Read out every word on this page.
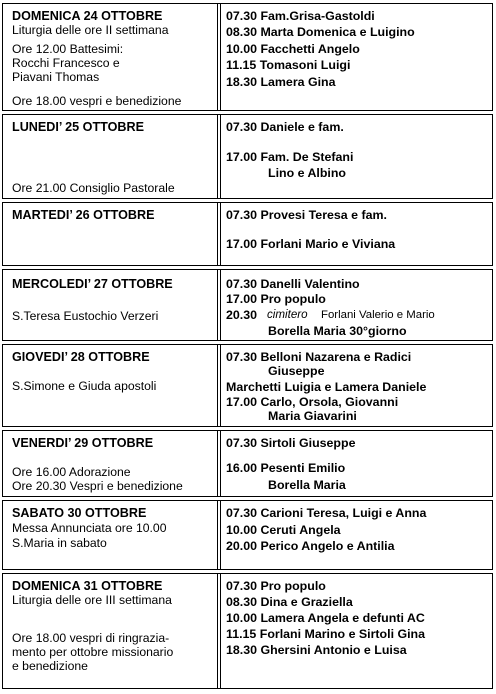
DOMENICA 24 OTTOBRE
Liturgia delle ore II settimana
Ore 12.00 Battesimi:
Rocchi Francesco e
Piavani Thomas
Ore 18.00 vespri e benedizione
07.30 Fam.Grisa-Gastoldi
08.30 Marta Domenica e Luigino
10.00 Facchetti Angelo
11.15 Tomasoni Luigi
18.30 Lamera Gina
LUNEDI’ 25 OTTOBRE
Ore 21.00 Consiglio Pastorale
07.30 Daniele e fam.
17.00 Fam. De Stefani
Lino e Albino
MARTEDI’ 26 OTTOBRE	07.30 Provesi Teresa e fam.
17.00 Forlani Mario e Viviana
MERCOLEDI’ 27 OTTOBRE
S.Teresa Eustochio Verzeri
07.30 Danelli Valentino
17.00 Pro populo
20.30 cimitero Forlani Valerio e Mario
Borella Maria 30°giorno
GIOVEDI’ 28 OTTOBRE
S.Simone e Giuda apostoli
07.30 Belloni Nazarena e Radici
Giuseppe
Marchetti Luigia e Lamera Daniele
17.00 Carlo, Orsola, Giovanni
Maria Giavarini
VENERDI’ 29 OTTOBRE
Ore 16.00 Adorazione
Ore 20.30 Vespri e benedizione
07.30 Sirtoli Giuseppe
16.00 Pesenti Emilio
Borella Maria
SABATO 30 OTTOBRE
Messa Annunciata ore 10.00
S.Maria in sabato
07.30 Carioni Teresa, Luigi e Anna
10.00 Ceruti Angela
20.00 Perico Angelo e Antilia
DOMENICA 31 OTTOBRE
Liturgia delle ore III settimana
Ore 18.00 vespri di ringrazia-
mento per ottobre missionario
e benedizione
07.30 Pro populo
08.30 Dina e Graziella
10.00 Lamera Angela e defunti AC
11.15 Forlani Marino e Sirtoli Gina
18.30 Ghersini Antonio e Luisa
